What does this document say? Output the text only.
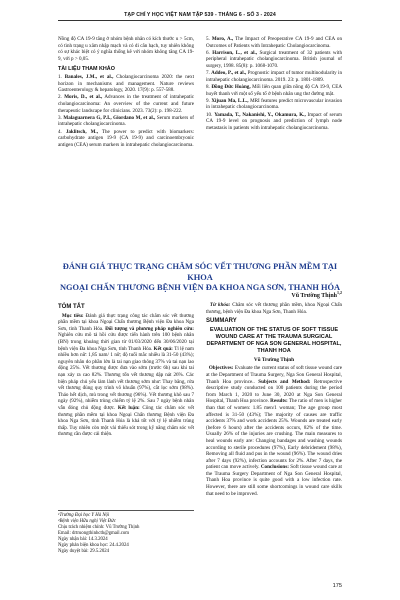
TẠP CHÍ Y HỌC VIỆT NAM TẬP 539 - THÁNG 6 - SỐ 3 - 2024

Nồng độ CA 19-9 tăng ở nhóm bệnh nhân có kích thước u > 5cm, có tình trạng u xâm nhập mạch và có di căn hạch, tuy nhiên không có sự khác biệt có ý nghĩa thống kê với nhóm không tăng CA 19-9, với p > 0,05.

TÀI LIỆU THAM KHẢO
1. Banales, J.M., et al., Cholangiocarcinoma 2020: the next horizon in mechanisms and management. Nature reviews Gastroenterology & hepatology, 2020. 17(9): p. 557-588.
2. Moris, D., et al., Advances in the treatment of intrahepatic cholangiocarcinoma: An overview of the current and future therapeutic landscape for clinicians. 2023. 73(2): p. 198-222.
3. Malaguarnera G, P.I., Giordano M, et al., Serum markers of intrahepatic cholangiocarcinoma.
4. Jaklitsch, M., The power to predict with biomarkers: carbohydrate antigen 19-9 (CA 19-9) and carcinoembryonic antigen (CEA) serum markers in intrahepatic cholangiocarcinoma.
5. Moro, A., The Impact of Preoperative CA 19-9 and CEA on Outcomes of Patients with Intrahepatic Cholangiocarcinoma.
6. Harrison, L., et al., Surgical treatment of 32 patients with peripheral intrahepatic cholangiocarcinoma. British journal of surgery, 1998. 85(8): p. 1068-1070.
7. Addeo, P., et al., Prognostic impact of tumor multinodularity in intrahepatic cholangiocarcinoma. 2019. 23: p. 1801-1809.
8. Đồng Đức Hoàng, Mối liên quan giữa nồng độ CA 19-9, CEA huyết thanh với một số yếu tố ở bệnh nhân ung thư đường mật.
9. Xijuan Ma, L.L., MRI features predict microvascular invasion in intrahepatic cholangiocarcinoma.
10. Yamada, T., Nakanishi, Y., Okamura, K., Impact of serum CA 19-9 level on prognosis and prediction of lymph node metastasis in patients with intrahepatic cholangiocarcinoma.
ĐÁNH GIÁ THỰC TRẠNG CHĂM SÓC VẾT THƯƠNG PHẦN MỀM TẠI KHOA
NGOẠI CHẤN THƯƠNG BỆNH VIỆN ĐA KHOA NGA SƠN, THANH HÓA
Vũ Trường Thịnh$^{1,2}$
TÓM TẮT

Mục tiêu: Đánh giá thực trạng công tác chăm sóc vết thương phần mềm tại khoa Ngoại Chấn thương Bệnh viện Đa khoa Nga Sơn, tỉnh Thanh Hóa. Đối tượng và phương pháp nghiên cứu: Nghiên cứu mô tả hồi cứu được tiến hành trên 100 bệnh nhân (BN) trong khoảng thời gian từ 01/03/2020 đến 30/06/2020 tại bệnh viện Đa khoa Nga Sơn, tỉnh Thanh Hóa. Kết quả: Tỉ lệ nam nhiều hơn nữ: 1,85 nam/ 1 nữ; độ tuổi mắc nhiều là 31-50 (43%); nguyên nhân do phần lớn là tai nạn giao thông 37% và tai nạn lao động 25%. Vết thương được đưa vào sớm (trước 6h) sau khi tai nạn xảy ra cao 82%. Thương tổn vết thương dập nát 26%. Các biện pháp chủ yếu làm lành vết thương sớm như: Thay băng, rửa vết thương đúng quy trình vô khuẩn (97%), cắt lọc sớm (98%). Tháo hết dịch, mủ trong vết thương (96%). Vết thương khô sau 7 ngày (92%), nhiễm trùng chiếm tỷ lệ 2%. Sau 7 ngày bệnh nhân vẫn đóng chủ động được. Kết luận: Công tác chăm sóc vết thương phần mềm tại khoa Ngoại Chấn thương Bệnh viện Đa khoa Nga Sơn, tỉnh Thanh Hóa là khá tốt với tỷ lệ nhiễm trùng thấp. Tuy nhiên còn một vài thiếu sót trong kỹ năng chăm sóc vết thương cần được cải thiện.

Từ khóa: Chăm sóc vết thương phần mềm, khoa Ngoại Chấn thương, bệnh viện Đa khoa Nga Sơn, Thanh Hóa.

SUMMARY
EVALUATION OF THE STATUS OF SOFT TISSUE WOUND CARE AT THE TRAUMA SURGICAL DEPARTMENT OF NGA SON GENERAL HOSPITAL, THANH HOA
Vũ Trường Thịnh

Objectives: Evaluate the current status of soft tissue wound care at the Department of Trauma Surgery, Nga Son General Hospital, Thanh Hoa province.. Subjects and Method: Retrospective descriptive study conducted on 100 patients during the period from March 1, 2020 to June 30, 2020 at Nga Son General Hospital, Thanh Hoa province. Results: The ratio of men is higher than that of women: 1.85 men/1 woman; The age group most affected is 31-50 (43%); The majority of causes are traffic accidents 37% and work accidents 25%. Wounds are treated early (before 6 hours) after the accidents occurs, 82% of the time. Usually 26% of the injuries are crushing. The main measures to heal wounds early are: Changing bandages and washing wounds according to sterile procedures (97%), Early debridement (98%), Removing all fluid and pus in the wound (96%). The wound dries after 7 days (92%), infection accounts for 2%. After 7 days, the patient can move actively. Conclusions: Soft tissue wound care at the Trauma Surgery Department of Nga Son General Hospital, Thanh Hoa province is quite good with a low infection rate. However, there are still some shortcomings in wound care skills that need to be improved.

¹Trường Đại học Y Hà Nội
²Bệnh viện Hữu nghị Việt Đức
Chịu trách nhiệm chính: Vũ Trường Thịnh
Email: drtruongthinhcth@gmail.com
Ngày nhận bài: 14.3.2024
Ngày phản biện khoa học: 24.4.2024
Ngày duyệt bài: 29.5.2024
175
